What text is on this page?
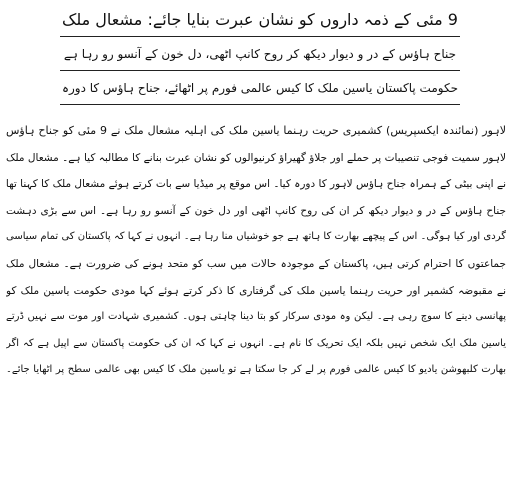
9 مئی کے ذمہ داروں کو نشان عبرت بنایا جائے: مشعال ملک
جناح ہاؤس کے در و دیوار دیکھ کر روح کانپ اٹھی، دل خون کے آنسو رو رہا ہے
حکومت پاکستان یاسین ملک کا کیس عالمی فورم پر اٹھائے، جناح ہاؤس کا دورہ
لاہور (نمائندہ ایکسپریس) کشمیری حریت رہنما یاسین ملک کی اہلیہ مشعال ملک نے 9 مئی کو جناح ہاؤس
لاہور سمیت فوجی تنصیبات پر حملے اور جلاؤ گھیراؤ کرنیوالوں کو نشان عبرت بنانے کا مطالبہ کیا ہے۔ مشعال ملک
نے اپنی بیٹی کے ہمراہ جناح ہاؤس لاہور کا دورہ کیا۔ اس موقع پر میڈیا سے بات کرتے ہوئے مشعال ملک کا کہنا تھا
جناح ہاؤس کے در و دیوار دیکھ کر ان کی روح کانپ اٹھی اور دل خون کے آنسو رو رہا ہے۔ اس سے بڑی دہشت
گردی اور کیا ہوگی۔ اس کے پیچھے بھارت کا ہاتھ ہے جو خوشیاں منا رہا ہے۔ انہوں نے کہا کہ پاکستان کی تمام سیاسی
جماعتوں کا احترام کرتی ہیں، پاکستان کے موجودہ حالات میں سب کو متحد ہونے کی ضرورت ہے۔ مشعال ملک
نے مقبوضہ کشمیر اور حریت رہنما یاسین ملک کی گرفتاری کا ذکر کرتے ہوئے کہا مودی حکومت یاسین ملک کو
پھانسی دینے کا سوچ رہی ہے۔ لیکن وہ مودی سرکار کو بتا دینا چاہتی ہوں۔ کشمیری شہادت اور موت سے نہیں ڈرتے
یاسین ملک ایک شخص نہیں بلکہ ایک تحریک کا نام ہے۔ انہوں نے کہا کہ ان کی حکومت پاکستان سے اپیل ہے کہ اگر
بھارت کلبھوشن یادیو کا کیس عالمی فورم پر لے کر جا سکتا ہے تو یاسین ملک کا کیس بھی عالمی سطح پر اٹھایا جائے۔
